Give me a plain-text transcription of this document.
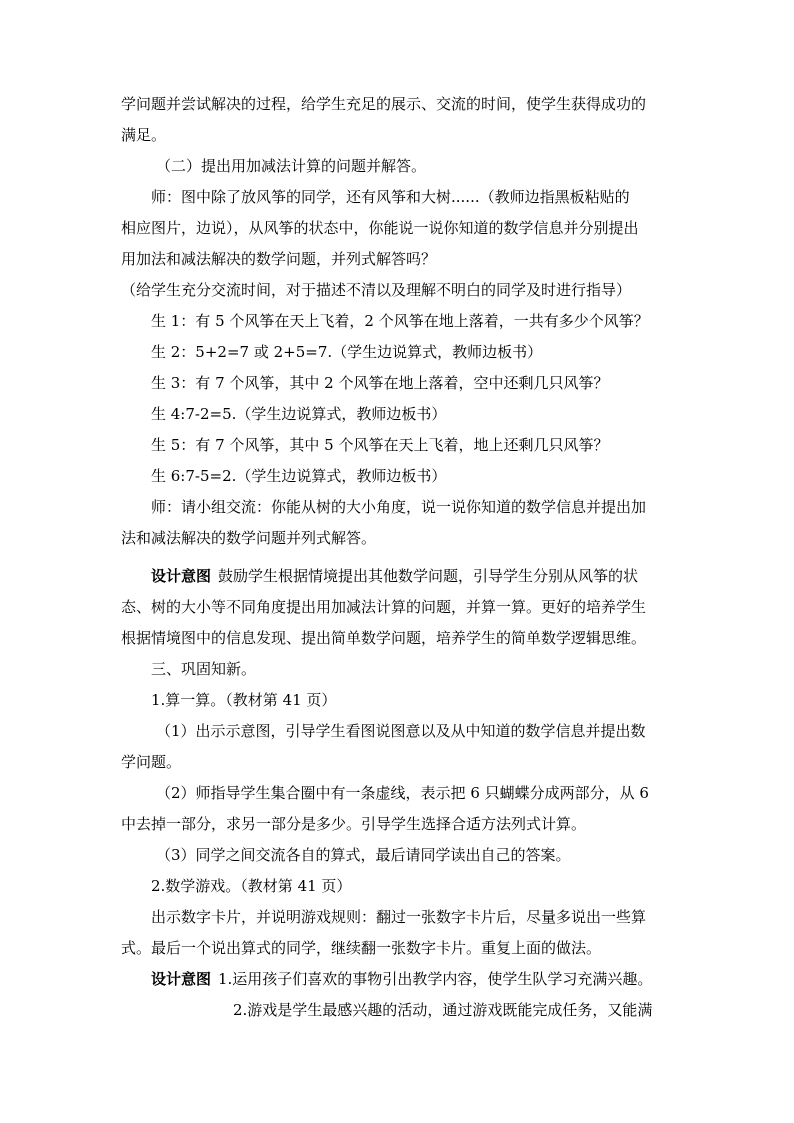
学问题并尝试解决的过程，给学生充足的展示、交流的时间，使学生获得成功的
满足。
（二）提出用加减法计算的问题并解答。
师：图中除了放风筝的同学，还有风筝和大树......（教师边指黑板粘贴的
相应图片，边说），从风筝的状态中，你能说一说你知道的数学信息并分别提出
用加法和减法解决的数学问题，并列式解答吗？
（给学生充分交流时间，对于描述不清以及理解不明白的同学及时进行指导）
生 1：有 5 个风筝在天上飞着，2 个风筝在地上落着，一共有多少个风筝？
生 2：5+2=7 或 2+5=7.（学生边说算式，教师边板书）
生 3：有 7 个风筝，其中 2 个风筝在地上落着，空中还剩几只风筝？
生 4:7-2=5.（学生边说算式，教师边板书）
生 5：有 7 个风筝，其中 5 个风筝在天上飞着，地上还剩几只风筝？
生 6:7-5=2.（学生边说算式，教师边板书）
师：请小组交流：你能从树的大小角度，说一说你知道的数学信息并提出加
法和减法解决的数学问题并列式解答。
设计意图 鼓励学生根据情境提出其他数学问题，引导学生分别从风筝的状
态、树的大小等不同角度提出用加减法计算的问题，并算一算。更好的培养学生
根据情境图中的信息发现、提出简单数学问题，培养学生的简单数学逻辑思维。
三、巩固知新。
1.算一算。（教材第 41 页）
（1）出示示意图，引导学生看图说图意以及从中知道的数学信息并提出数
学问题。
（2）师指导学生集合圈中有一条虚线，表示把 6 只蝴蝶分成两部分，从 6
中去掉一部分，求另一部分是多少。引导学生选择合适方法列式计算。
（3）同学之间交流各自的算式，最后请同学读出自己的答案。
2.数学游戏。（教材第 41 页）
出示数字卡片，并说明游戏规则：翻过一张数字卡片后，尽量多说出一些算
式。最后一个说出算式的同学，继续翻一张数字卡片。重复上面的做法。
设计意图 1.运用孩子们喜欢的事物引出教学内容，使学生队学习充满兴趣。
2.游戏是学生最感兴趣的活动，通过游戏既能完成任务，又能满
